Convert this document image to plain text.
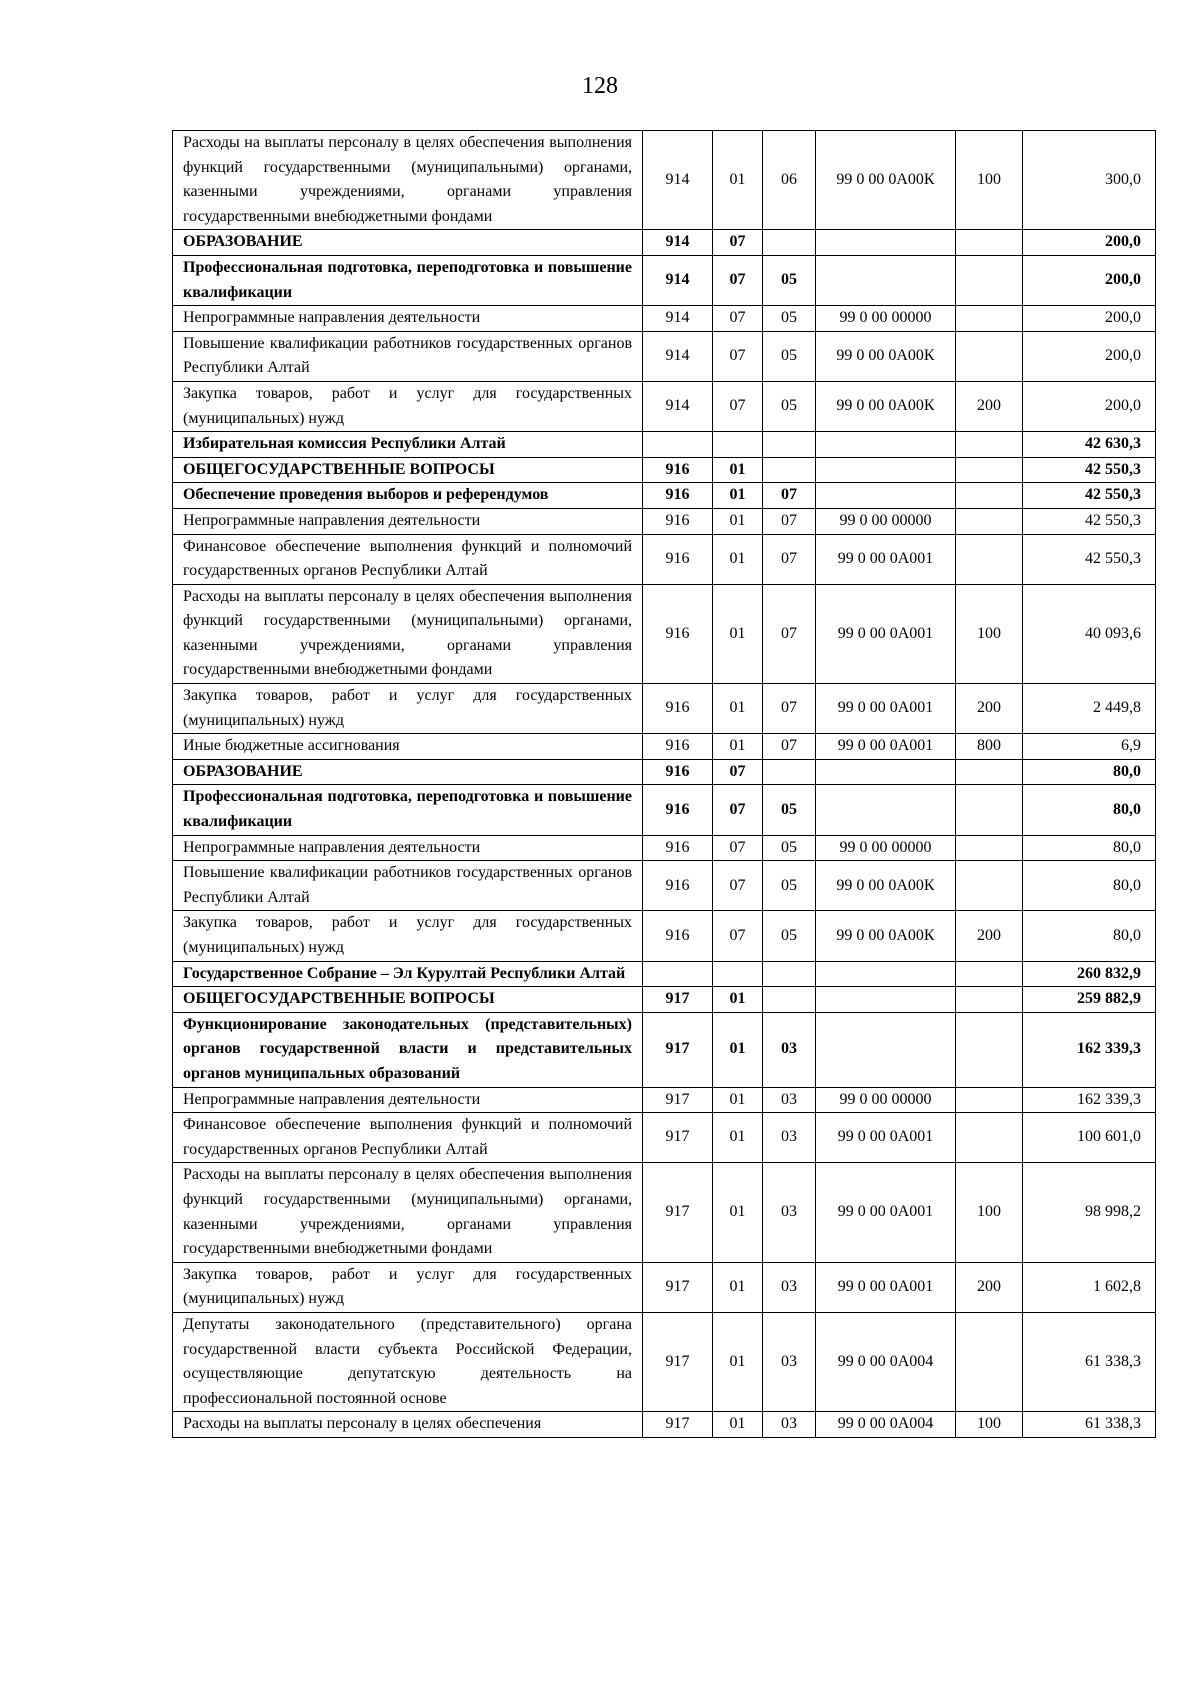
128
Расходы на выплаты персоналу в целях обеспечения выполнения функций государственными (муниципальными) органами, казенными учреждениями, органами управления государственными внебюджетными фондами	914	01	06	99 0 00 0А00К	100	300,0
ОБРАЗОВАНИЕ	914	07				200,0
Профессиональная подготовка, переподготовка и повышение квалификации	914	07	05			200,0
Непрограммные направления деятельности	914	07	05	99 0 00 00000		200,0
Повышение квалификации работников государственных органов Республики Алтай	914	07	05	99 0 00 0А00К		200,0
Закупка товаров, работ и услуг для государственных (муниципальных) нужд	914	07	05	99 0 00 0А00К	200	200,0
Избирательная комиссия Республики Алтай						42 630,3
ОБЩЕГОСУДАРСТВЕННЫЕ ВОПРОСЫ	916	01				42 550,3
Обеспечение проведения выборов и референдумов	916	01	07			42 550,3
Непрограммные направления деятельности	916	01	07	99 0 00 00000		42 550,3
Финансовое обеспечение выполнения функций и полномочий государственных органов Республики Алтай	916	01	07	99 0 00 0А001		42 550,3
Расходы на выплаты персоналу в целях обеспечения выполнения функций государственными (муниципальными) органами, казенными учреждениями, органами управления государственными внебюджетными фондами	916	01	07	99 0 00 0А001	100	40 093,6
Закупка товаров, работ и услуг для государственных (муниципальных) нужд	916	01	07	99 0 00 0А001	200	2 449,8
Иные бюджетные ассигнования	916	01	07	99 0 00 0А001	800	6,9
ОБРАЗОВАНИЕ	916	07				80,0
Профессиональная подготовка, переподготовка и повышение квалификации	916	07	05			80,0
Непрограммные направления деятельности	916	07	05	99 0 00 00000		80,0
Повышение квалификации работников государственных органов Республики Алтай	916	07	05	99 0 00 0А00К		80,0
Закупка товаров, работ и услуг для государственных (муниципальных) нужд	916	07	05	99 0 00 0А00К	200	80,0
Государственное Собрание – Эл Курултай Республики Алтай						260 832,9
ОБЩЕГОСУДАРСТВЕННЫЕ ВОПРОСЫ	917	01				259 882,9
Функционирование законодательных (представительных) органов государственной власти и представительных органов муниципальных образований	917	01	03			162 339,3
Непрограммные направления деятельности	917	01	03	99 0 00 00000		162 339,3
Финансовое обеспечение выполнения функций и полномочий государственных органов Республики Алтай	917	01	03	99 0 00 0А001		100 601,0
Расходы на выплаты персоналу в целях обеспечения выполнения функций государственными (муниципальными) органами, казенными учреждениями, органами управления государственными внебюджетными фондами	917	01	03	99 0 00 0А001	100	98 998,2
Закупка товаров, работ и услуг для государственных (муниципальных) нужд	917	01	03	99 0 00 0А001	200	1 602,8
Депутаты законодательного (представительного) органа государственной власти субъекта Российской Федерации, осуществляющие депутатскую деятельность на профессиональной постоянной основе	917	01	03	99 0 00 0А004		61 338,3
Расходы на выплаты персоналу в целях обеспечения	917	01	03	99 0 00 0А004	100	61 338,3
